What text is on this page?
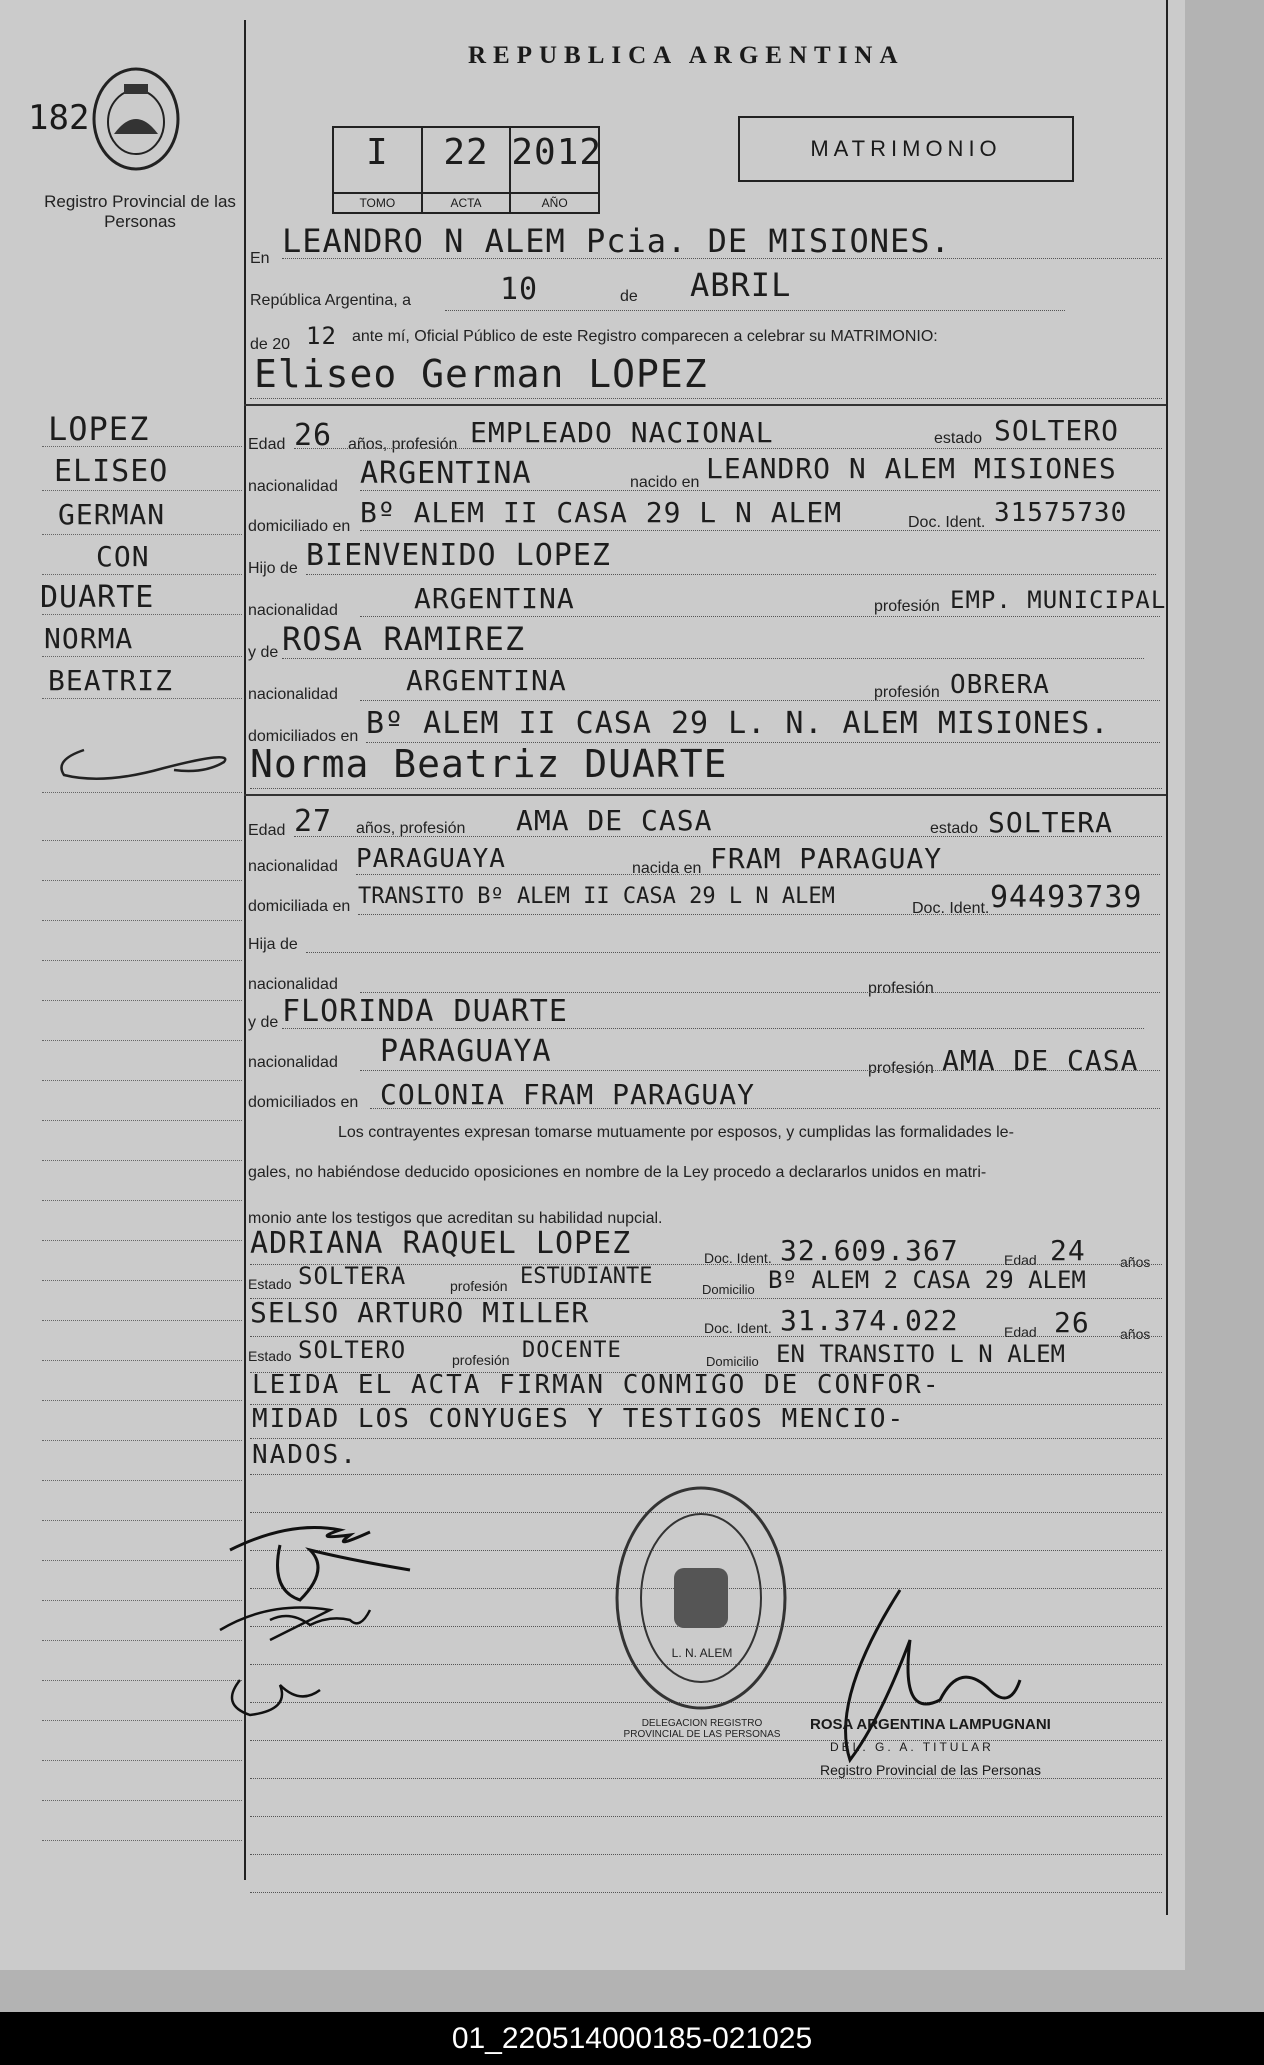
182
Registro Provincial de las Personas
REPUBLICA ARGENTINA
I
TOMO
22
ACTA
2012
AÑO
MATRIMONIO
En LEANDRO N ALEM Pcia. DE MISIONES.
República Argentina, a	10	de ABRIL
de 20 12 ante mí, Oficial Público de este Registro comparecen a celebrar su MATRIMONIO:
Eliseo German LOPEZ
LOPEZ
ELISEO
GERMAN
CON
DUARTE
NORMA
BEATRIZ
Edad 26 años, profesión EMPLEADO NACIONAL	estado SOLTERO
nacionalidad ARGENTINA	nacido en LEANDRO N ALEM MISIONES
domiciliado en Bº ALEM II CASA 29 L N ALEM	Doc. Ident. 31575730
Hijo de BIENVENIDO LOPEZ
nacionalidad	ARGENTINA	profesión EMP. MUNICIPAL
y de ROSA RAMIREZ
nacionalidad ARGENTINA	profesión OBRERA
domiciliados en Bº ALEM II CASA 29 L. N. ALEM MISIONES.
Norma Beatriz DUARTE
Edad 27 años, profesión AMA DE CASA	estado SOLTERA
nacionalidad PARAGUAYA	nacida en FRAM PARAGUAY
domiciliada en TRANSITO Bº ALEM II CASA 29 L N ALEM	Doc. Ident. 94493739
Hija de
nacionalidad	profesión
y de FLORINDA DUARTE
nacionalidad PARAGUAYA	profesión AMA DE CASA
domiciliados en COLONIA FRAM PARAGUAY
Los contrayentes expresan tomarse mutuamente por esposos, y cumplidas las formalidades le-
gales, no habiéndose deducido oposiciones en nombre de la Ley procedo a declararlos unidos en matri-
monio ante los testigos que acreditan su habilidad nupcial.
ADRIANA RAQUEL LOPEZ	Doc. Ident. 32.609.367	Edad 24 años
Estado SOLTERA	profesión ESTUDIANTE
Domicilio Bº ALEM 2 CASA 29 ALEM
SELSO ARTURO MILLER	Doc. Ident. 31.374.022	Edad 26 años
Estado SOLTERO	profesión DOCENTE	Domicilio EN TRANSITO L N ALEM
LEIDA EL ACTA FIRMAN CONMIGO DE CONFOR-
MIDAD LOS CONYUGES Y TESTIGOS MENCIO-
NADOS.
DELEGACION REGISTRO PROVINCIAL DE LAS PERSONAS
L. N. ALEM
ROSA ARGENTINA LAMPUGNANI
DEL. G. A. TITULAR
Registro Provincial de las Personas
01_220514000185-021025
